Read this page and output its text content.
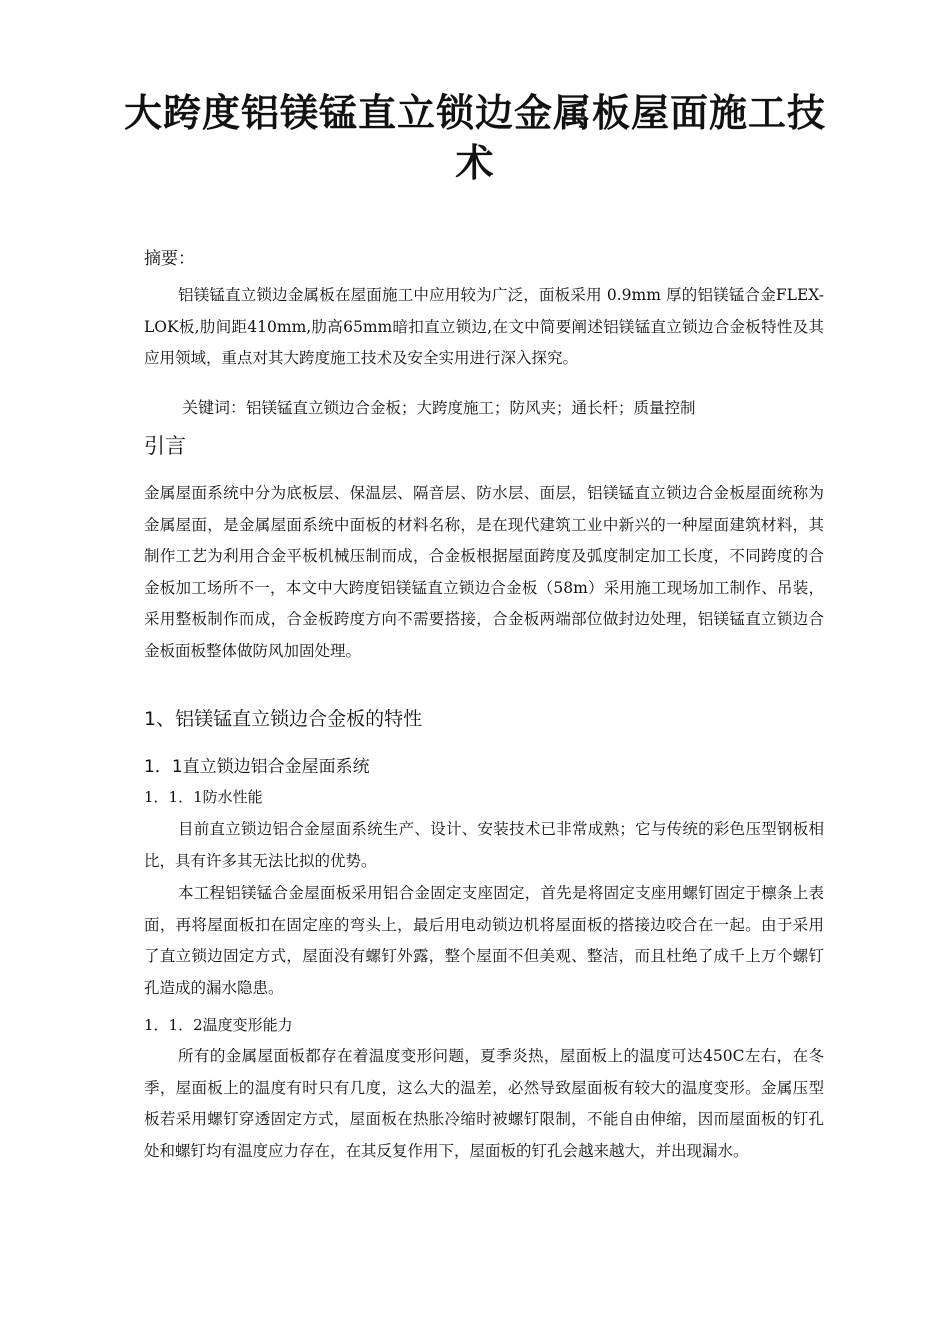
大跨度铝镁锰直立锁边金属板屋面施工技术
摘要：

铝镁锰直立锁边金属板在屋面施工中应用较为广泛，面板采用 0.9mm 厚的铝镁锰合金FLEX-LOK板,肋间距410mm,肋高65mm暗扣直立锁边,在文中简要阐述铝镁锰直立锁边合金板特性及其应用领域，重点对其大跨度施工技术及安全实用进行深入探究。

关键词：铝镁锰直立锁边合金板；大跨度施工；防风夹；通长杆；质量控制
引言

金属屋面系统中分为底板层、保温层、隔音层、防水层、面层，铝镁锰直立锁边合金板屋面统称为金属屋面，是金属屋面系统中面板的材料名称，是在现代建筑工业中新兴的一种屋面建筑材料，其制作工艺为利用合金平板机械压制而成，合金板根据屋面跨度及弧度制定加工长度，不同跨度的合金板加工场所不一，本文中大跨度铝镁锰直立锁边合金板（58m）采用施工现场加工制作、吊装，采用整板制作而成，合金板跨度方向不需要搭接，合金板两端部位做封边处理，铝镁锰直立锁边合金板面板整体做防风加固处理。

1、铝镁锰直立锁边合金板的特性
1．1直立锁边铝合金屋面系统
1．1．1防水性能

目前直立锁边铝合金屋面系统生产、设计、安装技术已非常成熟；它与传统的彩色压型钢板相比，具有许多其无法比拟的优势。

本工程铝镁锰合金屋面板采用铝合金固定支座固定，首先是将固定支座用螺钉固定于檩条上表面，再将屋面板扣在固定座的弯头上，最后用电动锁边机将屋面板的搭接边咬合在一起。由于采用了直立锁边固定方式，屋面没有螺钉外露，整个屋面不但美观、整洁，而且杜绝了成千上万个螺钉孔造成的漏水隐患。

1．1．2温度变形能力

所有的金属屋面板都存在着温度变形问题，夏季炎热，屋面板上的温度可达450C左右，在冬季，屋面板上的温度有时只有几度，这么大的温差，必然导致屋面板有较大的温度变形。金属压型板若采用螺钉穿透固定方式，屋面板在热胀冷缩时被螺钉限制，不能自由伸缩，因而屋面板的钉孔处和螺钉均有温度应力存在，在其反复作用下，屋面板的钉孔会越来越大，并出现漏水。
